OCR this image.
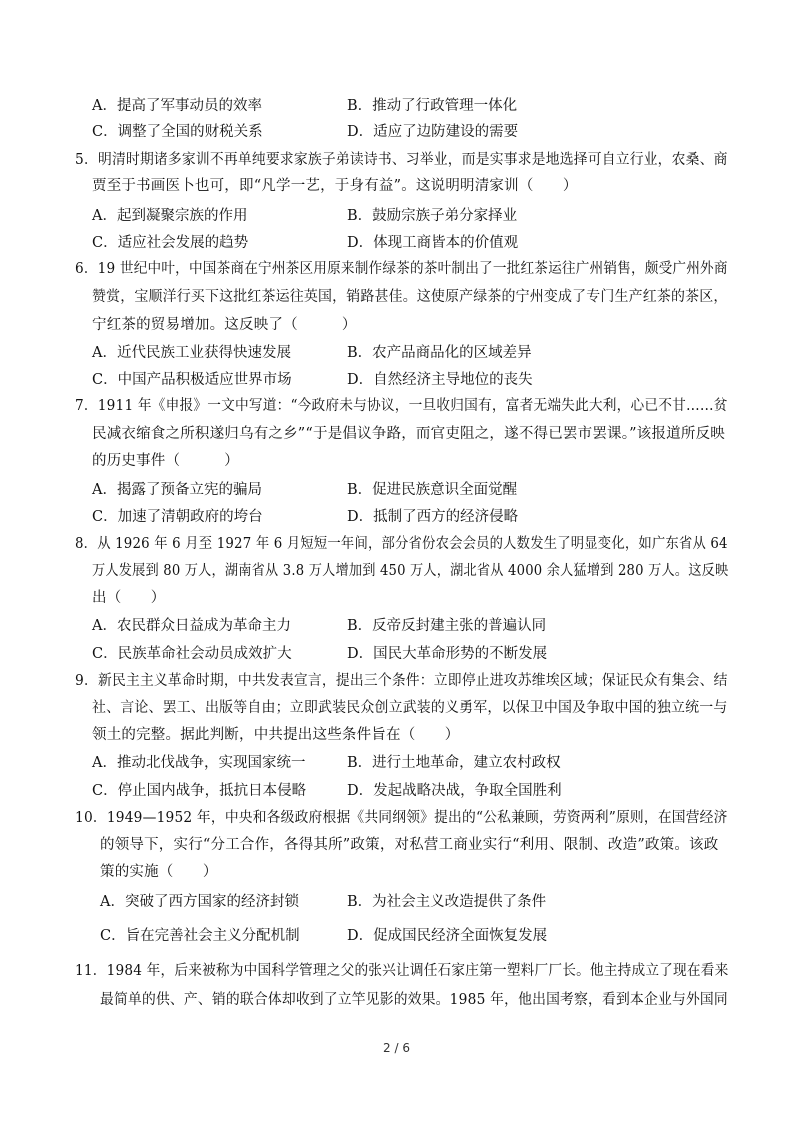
A．提高了军事动员的效率	B．推动了行政管理一体化
C．调整了全国的财税关系	D．适应了边防建设的需要
5．明清时期诸多家训不再单纯要求家族子弟读诗书、习举业，而是实事求是地选择可自立行业，农桑、商
贾至于书画医卜也可，即“凡学一艺，于身有益”。这说明明清家训（　　）
A．起到凝聚宗族的作用	B．鼓励宗族子弟分家择业
C．适应社会发展的趋势	D．体现工商皆本的价值观
6．19 世纪中叶，中国茶商在宁州茶区用原来制作绿茶的茶叶制出了一批红茶运往广州销售，颇受广州外商
赞赏，宝顺洋行买下这批红茶运往英国，销路甚佳。这使原产绿茶的宁州变成了专门生产红茶的茶区，
宁红茶的贸易增加。这反映了（　　　）
A．近代民族工业获得快速发展	B．农产品商品化的区域差异
C．中国产品积极适应世界市场	D．自然经济主导地位的丧失
7．1911 年《申报》一文中写道：“今政府未与协议，一旦收归国有，富者无端失此大利，心已不甘……贫
民减衣缩食之所积遂归乌有之乡”“于是倡议争路，而官吏阻之，遂不得已罢市罢课。”该报道所反映
的历史事件（　　　）
A．揭露了预备立宪的骗局	B．促进民族意识全面觉醒
C．加速了清朝政府的垮台	D．抵制了西方的经济侵略
8．从 1926 年 6 月至 1927 年 6 月短短一年间，部分省份农会会员的人数发生了明显变化，如广东省从 64
万人发展到 80 万人，湖南省从 3.8 万人增加到 450 万人，湖北省从 4000 余人猛增到 280 万人。这反映
出（　　）
A．农民群众日益成为革命主力	B．反帝反封建主张的普遍认同
C．民族革命社会动员成效扩大	D．国民大革命形势的不断发展
9．新民主主义革命时期，中共发表宣言，提出三个条件：立即停止进攻苏维埃区域；保证民众有集会、结
社、言论、罢工、出版等自由；立即武装民众创立武装的义勇军，以保卫中国及争取中国的独立统一与
领土的完整。据此判断，中共提出这些条件旨在（　　）
A．推动北伐战争，实现国家统一	B．进行土地革命，建立农村政权
C．停止国内战争，抵抗日本侵略	D．发起战略决战，争取全国胜利
10．1949—1952 年，中央和各级政府根据《共同纲领》提出的“公私兼顾，劳资两利”原则，在国营经济
的领导下，实行“分工合作，各得其所”政策，对私营工商业实行“利用、限制、改造”政策。该政
策的实施（　　）
A．突破了西方国家的经济封锁	B．为社会主义改造提供了条件
C．旨在完善社会主义分配机制	D．促成国民经济全面恢复发展
11．1984 年，后来被称为中国科学管理之父的张兴让调任石家庄第一塑料厂厂长。他主持成立了现在看来
最简单的供、产、销的联合体却收到了立竿见影的效果。1985 年，他出国考察，看到本企业与外国同
2 / 6
